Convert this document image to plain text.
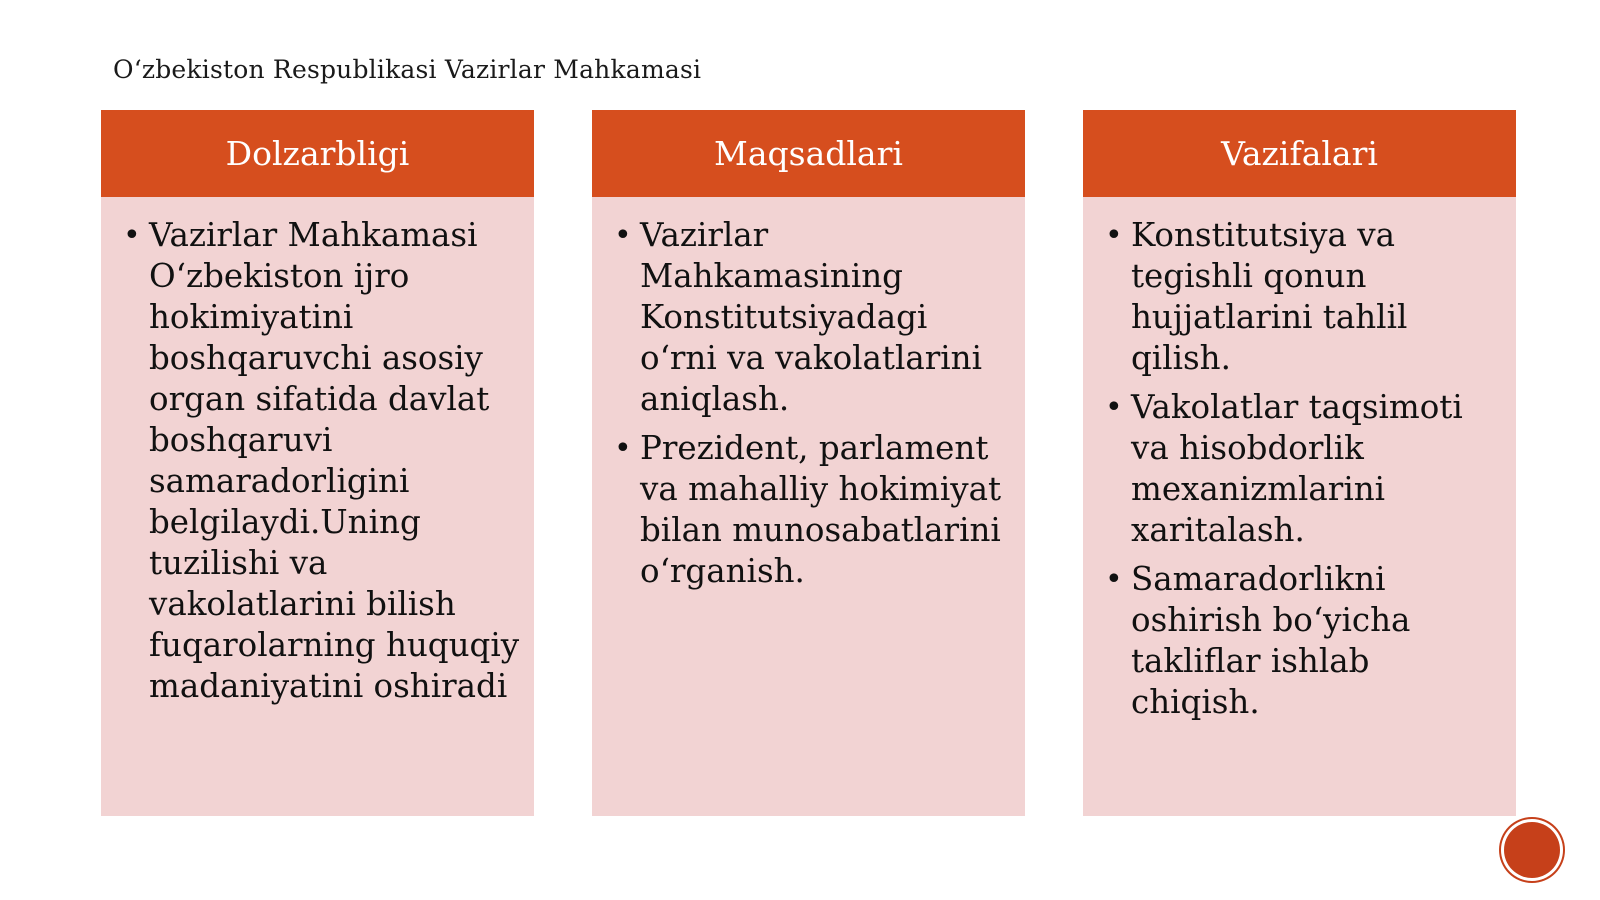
O‘zbekiston Respublikasi Vazirlar Mahkamasi
Dolzarbligi
• Vazirlar Mahkamasi O‘zbekiston ijro hokimiyatini boshqaruvchi asosiy organ sifatida davlat boshqaruvi samaradorligini belgilaydi.Uning tuzilishi va vakolatlarini bilish fuqarolarning huquqiy madaniyatini oshiradi
Maqsadlari
• Vazirlar Mahkamasining Konstitutsiyadagi o‘rni va vakolatlarini aniqlash.
• Prezident, parlament va mahalliy hokimiyat bilan munosabatlarini o‘rganish.
Vazifalari
• Konstitutsiya va tegishli qonun hujjatlarini tahlil qilish.
• Vakolatlar taqsimoti va hisobdorlik mexanizmlarini xaritalash.
• Samaradorlikni oshirish bo‘yicha takliflar ishlab chiqish.
